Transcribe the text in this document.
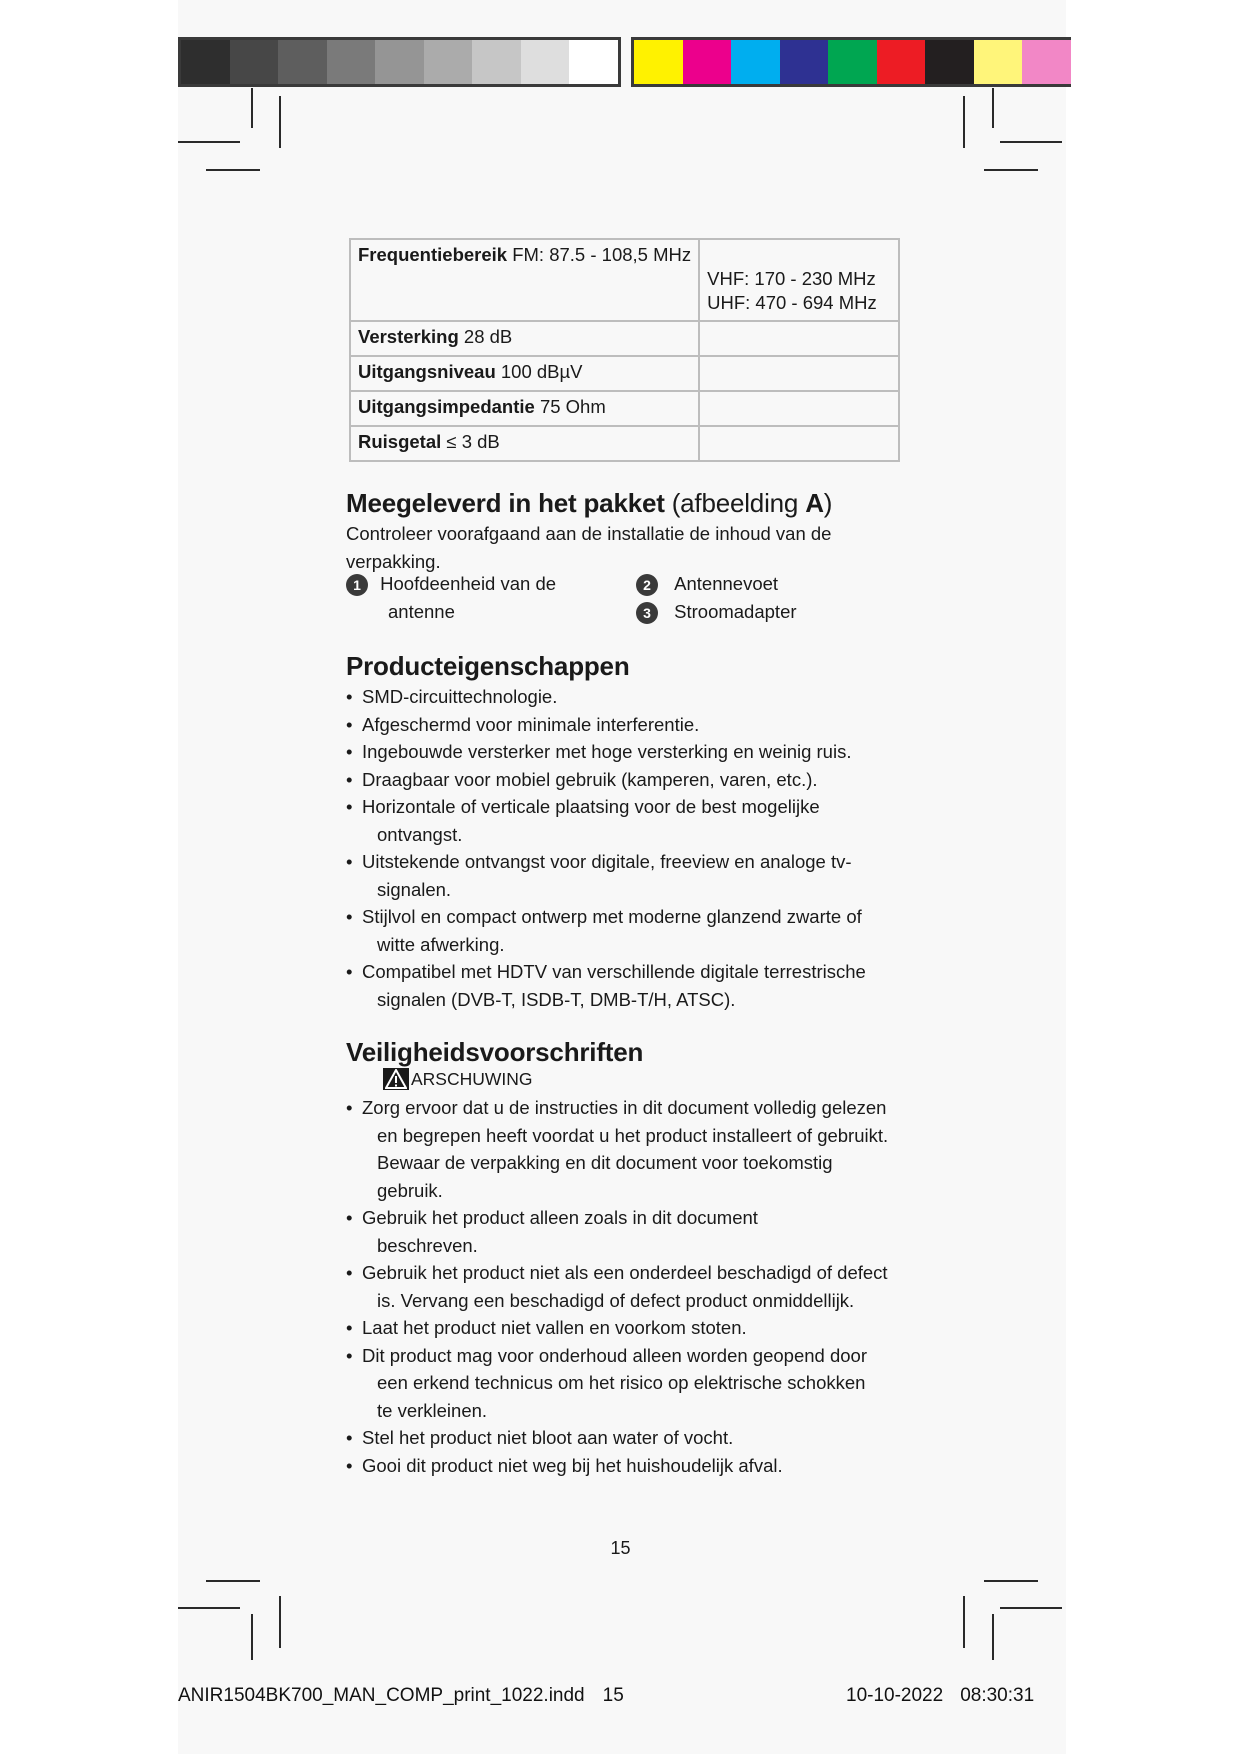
Frequentiebereik FM: 87.5 - 108,5 MHz	VHF: 170 - 230 MHz
UHF: 470 - 694 MHz

Versterking 28 dB	
Uitgangsniveau 100 dBµV	
Uitgangsimpedantie 75 Ohm	
Ruisgetal ≤ 3 dB	
Meegeleverd in het pakket (afbeelding A)

Controleer voorafgaand aan de installatie de inhoud van de verpakking.

1 Hoofdeenheid van de
antenne
2 Antennevoet
3 Stroomadapter
Producteigenschappen
• SMD-circuittechnologie.
• Afgeschermd voor minimale interferentie.
• Ingebouwde versterker met hoge versterking en weinig ruis.
• Draagbaar voor mobiel gebruik (kamperen, varen, etc.).
• Horizontale of verticale plaatsing voor de best mogelijke ontvangst.
• Uitstekende ontvangst voor digitale, freeview en analoge tv-signalen.
• Stijlvol en compact ontwerp met moderne glanzend zwarte of witte afwerking.
• Compatibel met HDTV van verschillende digitale terrestrische signalen (DVB-T, ISDB-T, DMB-T/H, ATSC).
Veiligheidsvoorschriften
ARSCHUWING
• Zorg ervoor dat u de instructies in dit document volledig gelezen en begrepen heeft voordat u het product installeert of gebruikt. Bewaar de verpakking en dit document voor toekomstig gebruik.
• Gebruik het product alleen zoals in dit document beschreven.
• Gebruik het product niet als een onderdeel beschadigd of defect is. Vervang een beschadigd of defect product onmiddellijk.
• Laat het product niet vallen en voorkom stoten.
• Dit product mag voor onderhoud alleen worden geopend door een erkend technicus om het risico op elektrische schokken te verkleinen.
• Stel het product niet bloot aan water of vocht.
• Gooi dit product niet weg bij het huishoudelijk afval.
15
ANIR1504BK700_MAN_COMP_print_1022.indd 15	10-10-2022 08:30:31
